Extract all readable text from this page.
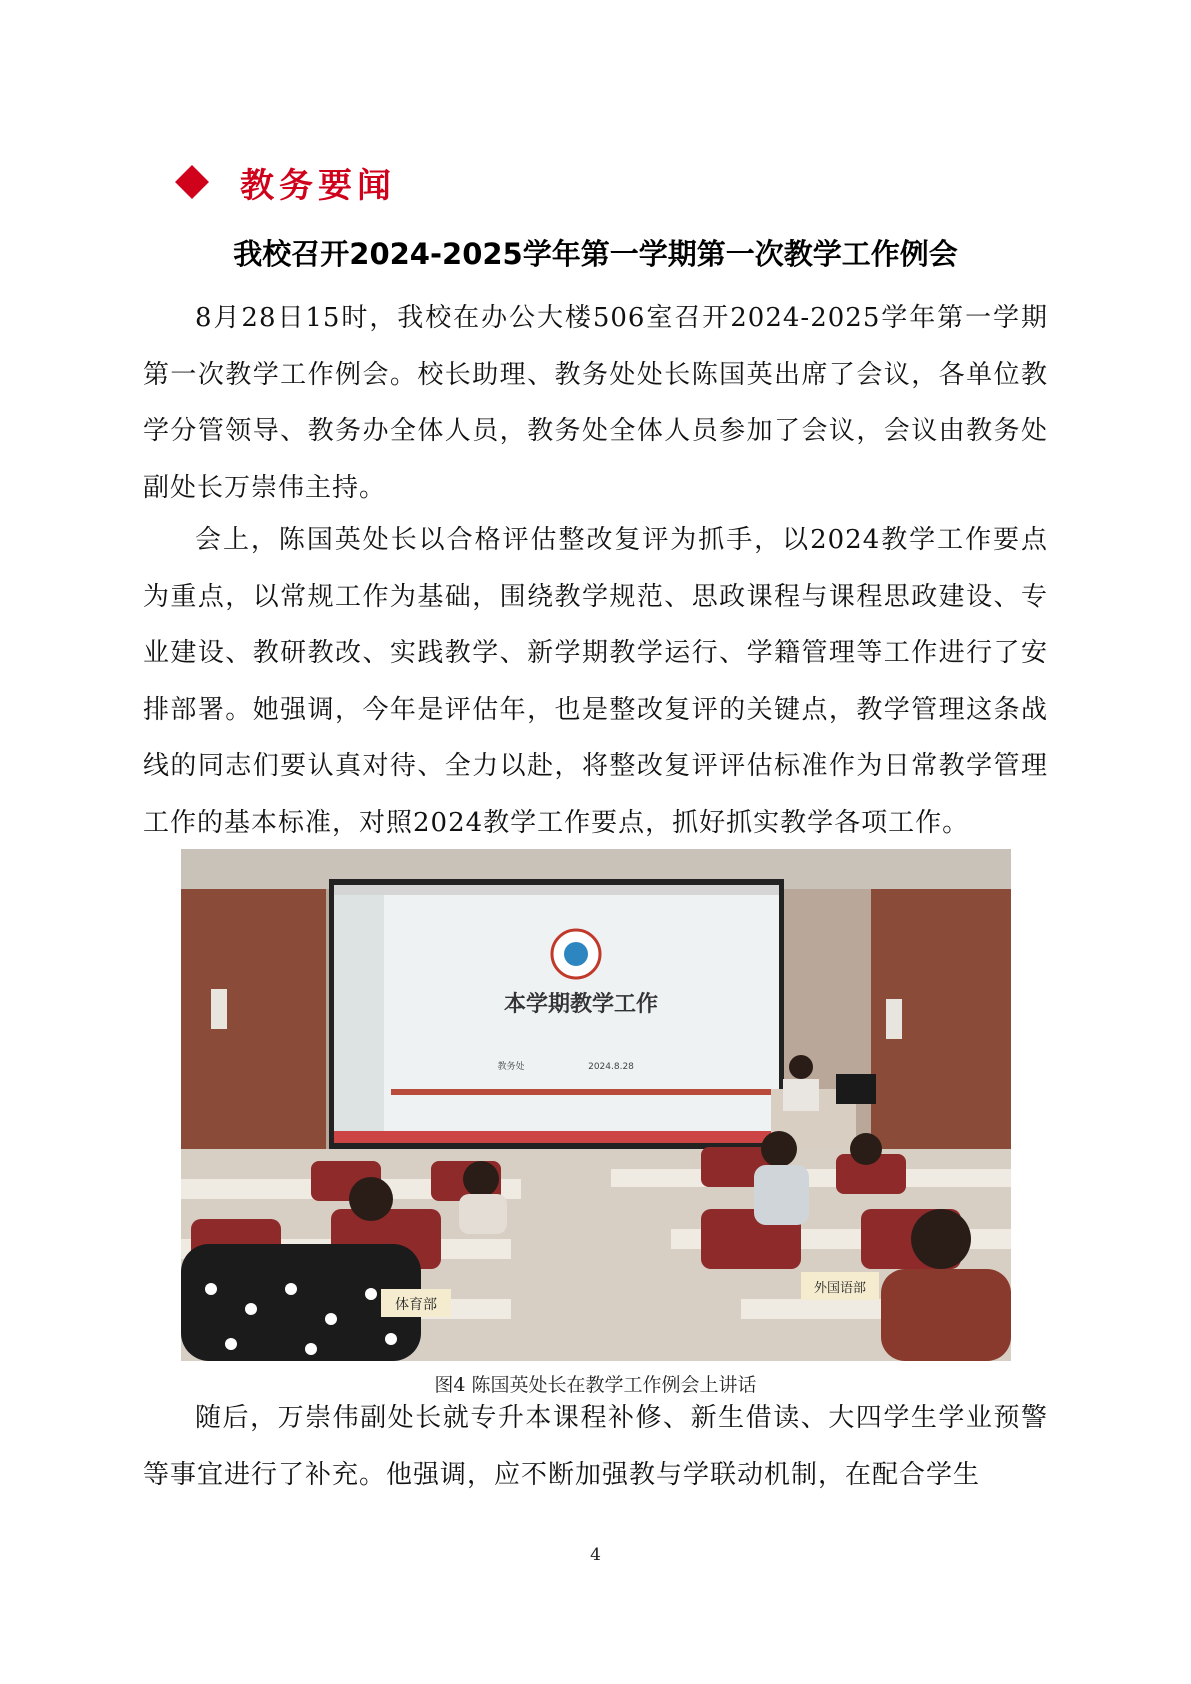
教务要闻
我校召开2024-2025学年第一学期第一次教学工作例会

8月28日15时，我校在办公大楼506室召开2024-2025学年第一学期第一次教学工作例会。校长助理、教务处处长陈国英出席了会议，各单位教学分管领导、教务办全体人员，教务处全体人员参加了会议，会议由教务处副处长万崇伟主持。

会上，陈国英处长以合格评估整改复评为抓手，以2024教学工作要点为重点，以常规工作为基础，围绕教学规范、思政课程与课程思政建设、专业建设、教研教改、实践教学、新学期教学运行、学籍管理等工作进行了安排部署。她强调，今年是评估年，也是整改复评的关键点，教学管理这条战线的同志们要认真对待、全力以赴，将整改复评评估标准作为日常教学管理工作的基本标准，对照2024教学工作要点，抓好抓实教学各项工作。

本学期教学工作
教务处	2024.8.28
体育部
外国语部
图4 陈国英处长在教学工作例会上讲话

随后，万崇伟副处长就专升本课程补修、新生借读、大四学生学业预警等事宜进行了补充。他强调，应不断加强教与学联动机制，在配合学生

4
